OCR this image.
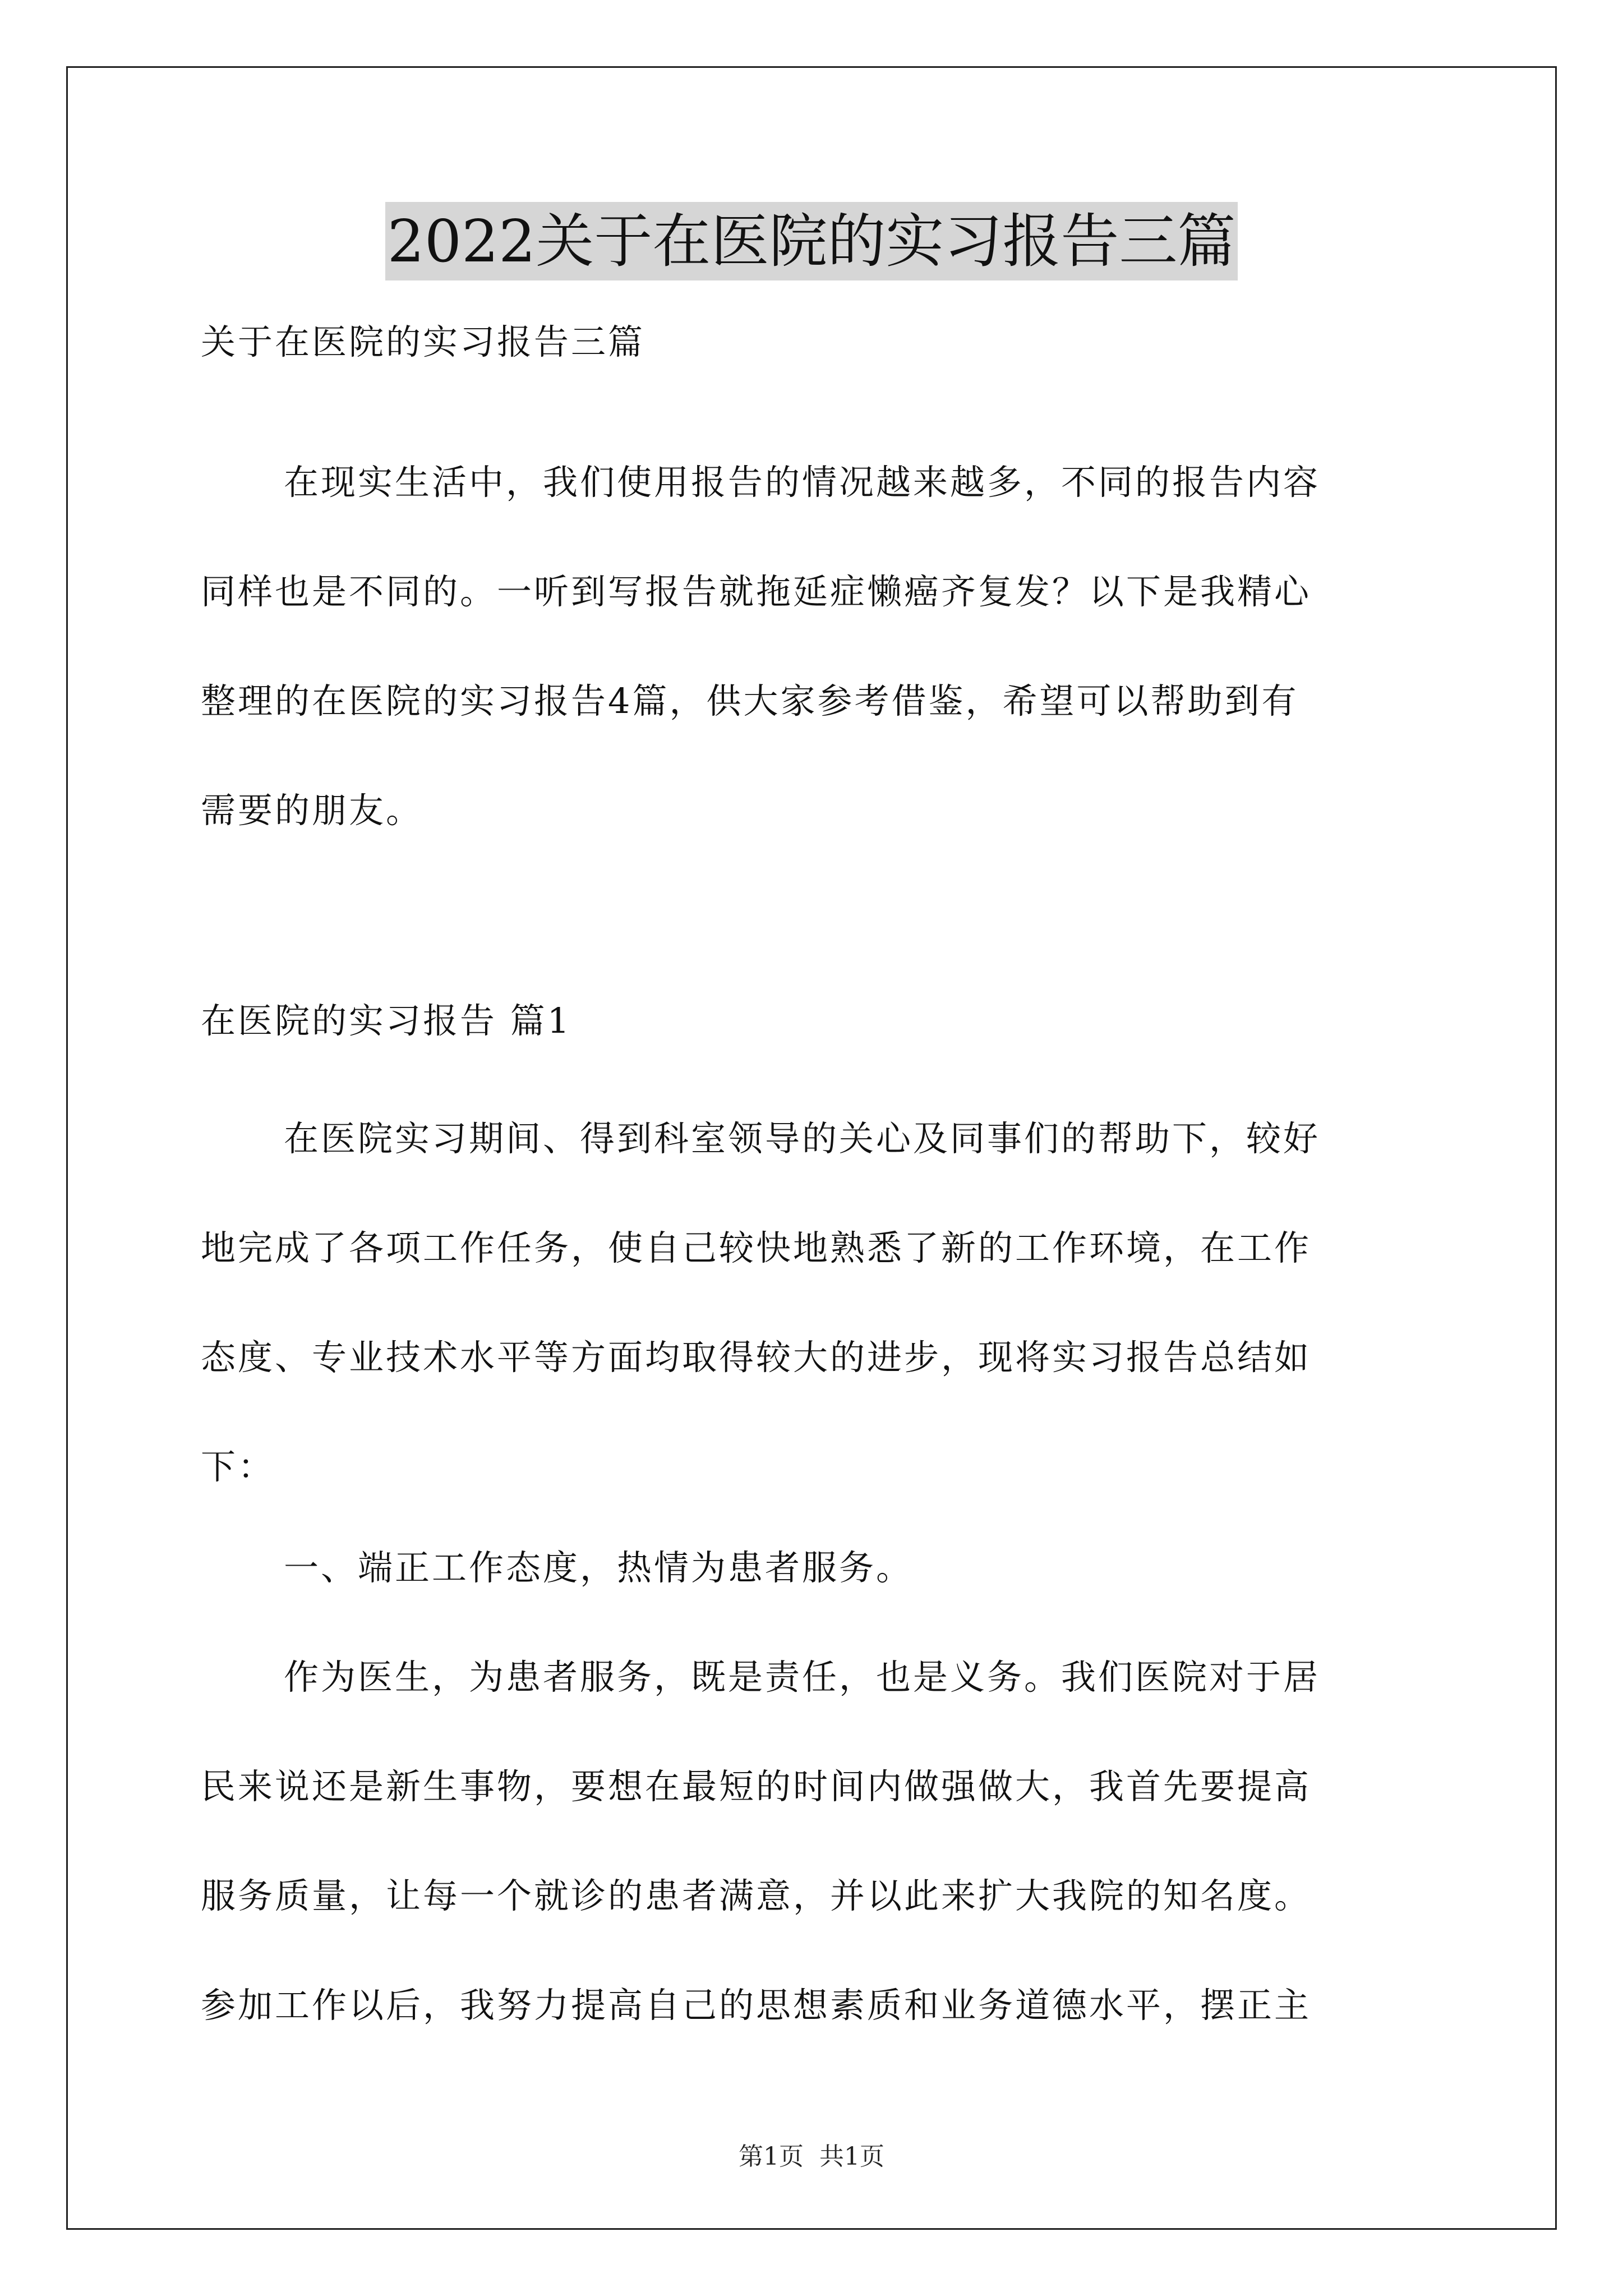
2022关于在医院的实习报告三篇
关于在医院的实习报告三篇
在现实生活中，我们使用报告的情况越来越多，不同的报告内容
同样也是不同的。一听到写报告就拖延症懒癌齐复发？以下是我精心
整理的在医院的实习报告4篇，供大家参考借鉴，希望可以帮助到有
需要的朋友。
在医院的实习报告 篇1
在医院实习期间、得到科室领导的关心及同事们的帮助下，较好
地完成了各项工作任务，使自己较快地熟悉了新的工作环境，在工作
态度、专业技术水平等方面均取得较大的进步，现将实习报告总结如
下：
一、端正工作态度，热情为患者服务。
作为医生，为患者服务，既是责任，也是义务。我们医院对于居
民来说还是新生事物，要想在最短的时间内做强做大，我首先要提高
服务质量，让每一个就诊的患者满意，并以此来扩大我院的知名度。
参加工作以后，我努力提高自己的思想素质和业务道德水平，摆正主
第1页 共1页
